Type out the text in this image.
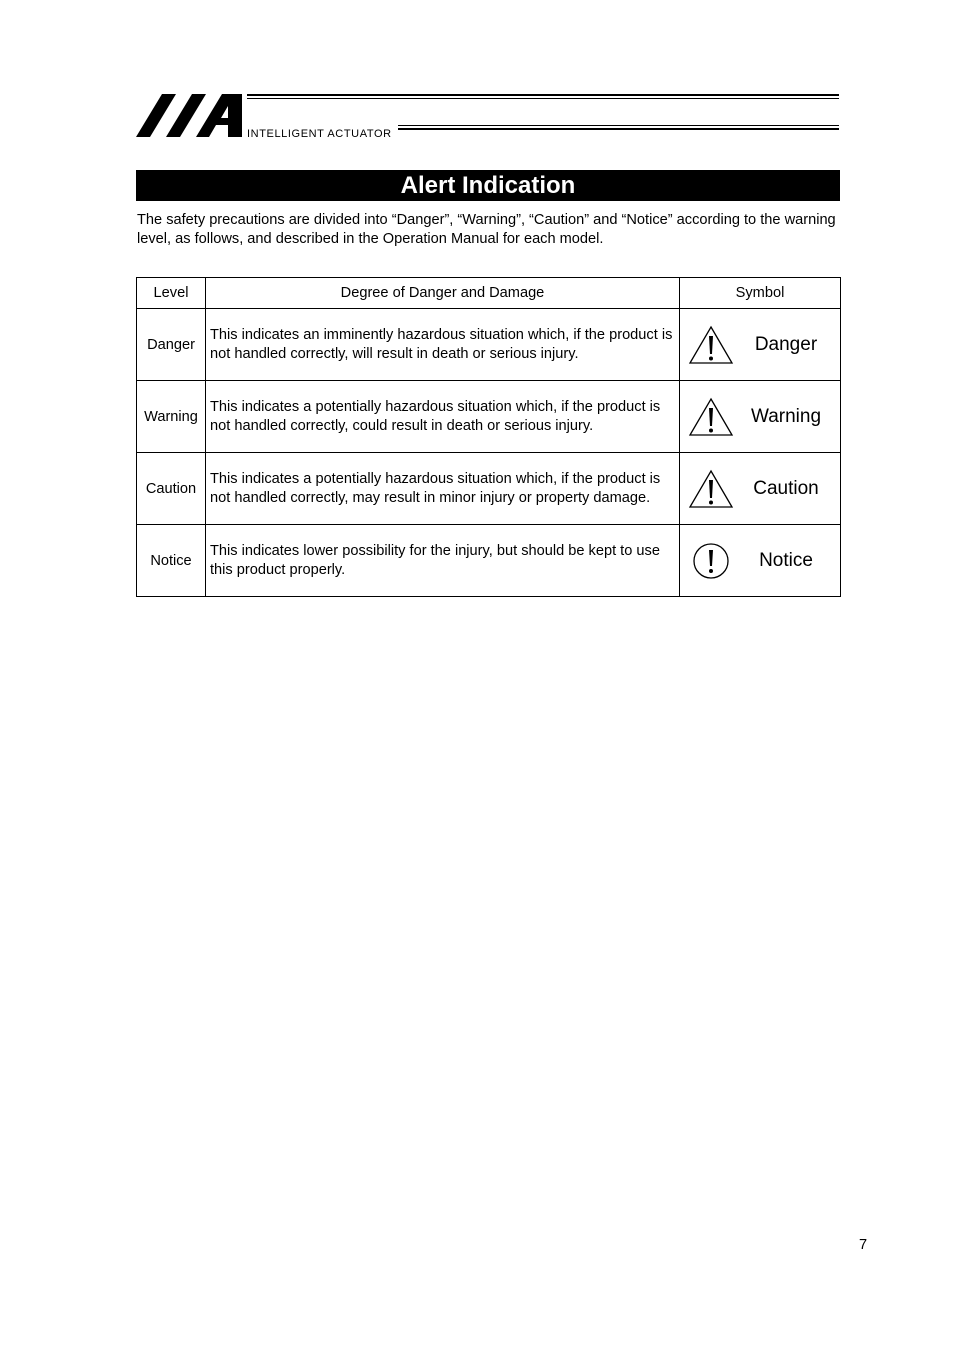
INTELLIGENT ACTUATOR
Alert Indication

The safety precautions are divided into “Danger”, “Warning”, “Caution” and “Notice” according to the warning level, as follows, and described in the Operation Manual for each model.

Level	Degree of Danger and Damage	Symbol
Danger	This indicates an imminently hazardous situation which, if the product is not handled correctly, will result in death or serious injury.	Danger

Warning	This indicates a potentially hazardous situation which, if the product is not handled correctly, could result in death or serious injury.	Warning

Caution	This indicates a potentially hazardous situation which, if the product is not handled correctly, may result in minor injury or property damage.	Caution

Notice	This indicates lower possibility for the injury, but should be kept to use this product properly.	Notice
7
